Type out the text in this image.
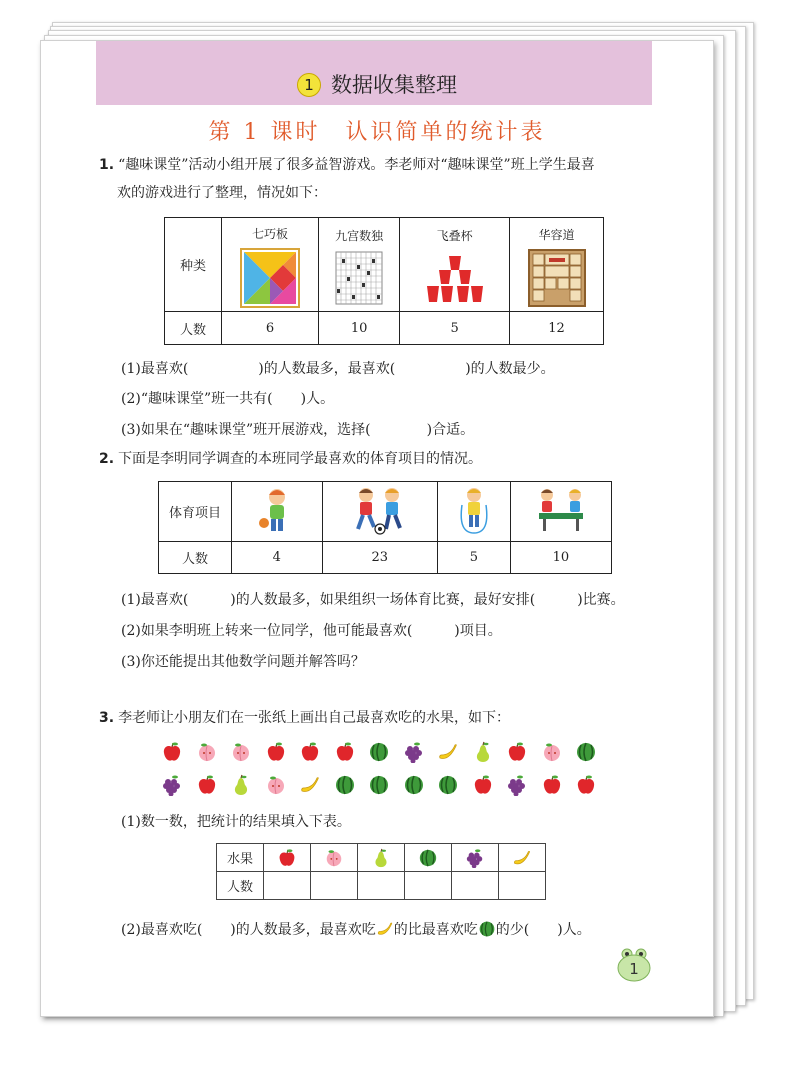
1 数据收集整理
第 1 课时　认识简单的统计表
1. “趣味课堂”活动小组开展了很多益智游戏。李老师对“趣味课堂”班上学生最喜
欢的游戏进行了整理，情况如下：
种类	七巧板	九宫数独	飞叠杯	华容道

人数	6	10	5	12
(1)最喜欢(　　　　　)的人数最多，最喜欢(　　　　　)的人数最少。
(2)“趣味课堂”班一共有(　　)人。
(3)如果在“趣味课堂”班开展游戏，选择(　　　　)合适。
2. 下面是李明同学调查的本班同学最喜欢的体育项目的情况。
体育项目				
人数	4	23	5	10
(1)最喜欢(　　　)的人数最多，如果组织一场体育比赛，最好安排(　　　)比赛。
(2)如果李明班上转来一位同学，他可能最喜欢(　　　)项目。
(3)你还能提出其他数学问题并解答吗？
3. 李老师让小朋友们在一张纸上画出自己最喜欢吃的水果，如下：
(1)数一数，把统计的结果填入下表。
水果						
人数						
(2)最喜欢吃(　　)的人数最多，最喜欢吃 的比最喜欢吃 的少(　　)人。
1
